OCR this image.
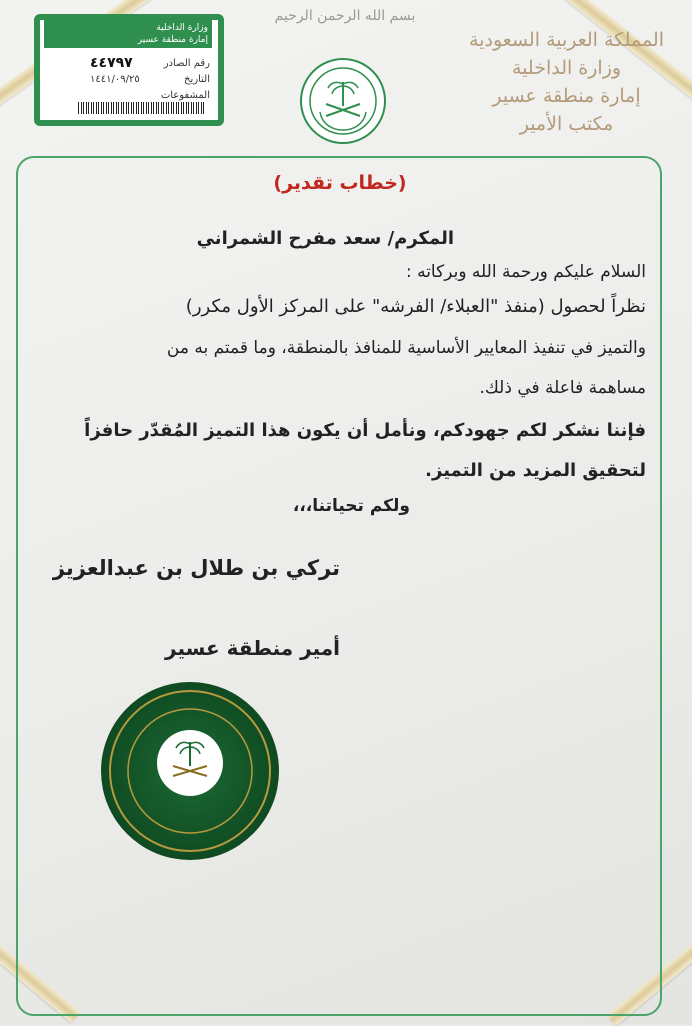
وزارة الداخلية
إمارة منطقة عسير
رقم الصادر
٤٤٧٩٧
التاريخ
١٤٤١/٠٩/٢٥
المشفوعات
بسم الله الرحمن الرحيم
المملكة العربية السعودية
وزارة الداخلية
إمارة منطقة عسير
مكتب الأمير
(خطاب تقدير)
المكرم/ سعد مفرح الشمراني
السلام عليكم ورحمة الله وبركاته :
نظراً لحصول (منفذ "العبلاء/ الفرشه" على المركز الأول مكرر)
والتميز في تنفيذ المعايير الأساسية للمنافذ بالمنطقة، وما قمتم به من
مساهمة فاعلة في ذلك.
فإننا نشكر لكم جهودكم، ونأمل أن يكون هذا التميز المُقدّر حافزاً
لتحقيق المزيد من التميز.
ولكم تحياتنا،،،
تركي بن طلال بن عبدالعزيز
أمير منطقة عسير
